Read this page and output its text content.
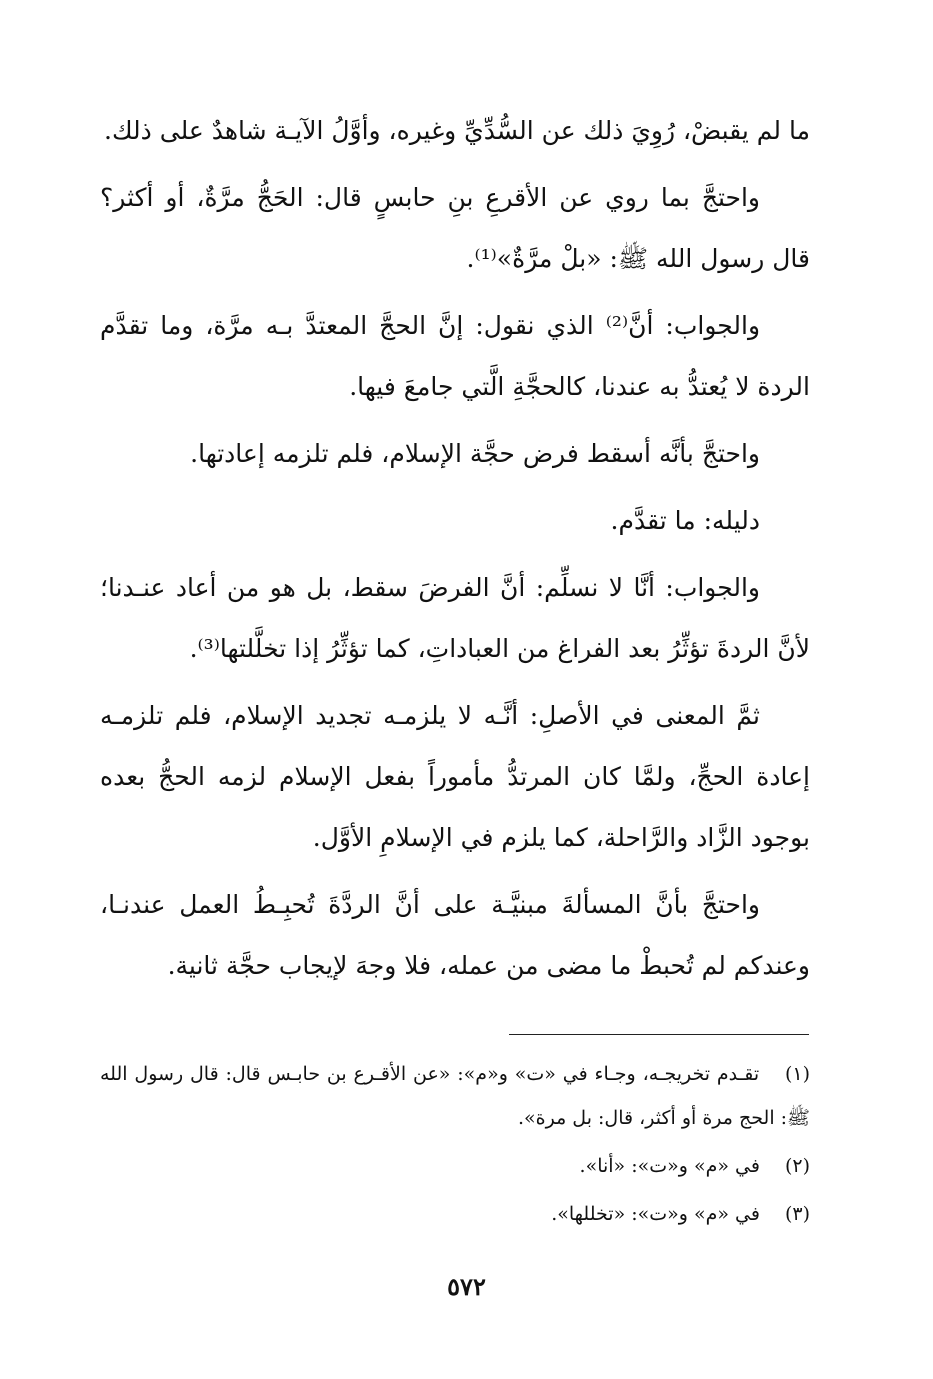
ما لم يقبضْ، رُوِيَ ذلك عن السُّدِّيِّ وغيره، وأوَّلُ الآيـة شاهدٌ على ذلك.

واحتجَّ بما روي عن الأقرعِ بنِ حابسٍ قال: الحَجُّ مرَّةٌ، أو أكثر؟ قال رسول الله ﷺ: «بلْ مرَّةٌ»⁽¹⁾.

والجواب: أنَّ⁽²⁾ الذي نقول: إنَّ الحجَّ المعتدَّ بـه مرَّة، وما تقدَّم الردة لا يُعتدُّ به عندنا، كالحجَّةِ الَّتي جامعَ فيها.

واحتجَّ بأنَّه أسقط فرض حجَّة الإسلام، فلم تلزمه إعادتها.

دليله: ما تقدَّم.

والجواب: أنَّا لا نسلِّم: أنَّ الفرضَ سقط، بل هو من أعاد عنـدنا؛ لأنَّ الردةَ تؤثِّرُ بعد الفراغ من العباداتِ، كما تؤثِّرُ إذا تخلَّلتها⁽³⁾.

ثمَّ المعنى في الأصلِ: أنَّـه لا يلزمـه تجديد الإسلام، فلم تلزمـه إعادة الحجِّ، ولمَّا كان المرتدُّ مأموراً بفعل الإسلام لزمه الحجُّ بعده بوجود الزَّاد والرَّاحلة، كما يلزم في الإسلامِ الأوَّل.

واحتجَّ بأنَّ المسألةَ مبنيَّـة على أنَّ الردَّةَ تُحبِـطُ العمل عندنـا، وعندكم لم تُحبطْ ما مضى من عمله، فلا وجهَ لإيجاب حجَّة ثانية.

(١) تقـدم تخريجـه، وجـاء في «ت» و«م»: «عن الأقـرع بن حابـس قال: قال رسول الله ﷺ: الحج مرة أو أكثر، قال: بل مرة».

(٢) في «م» و«ت»: «أنا».

(٣) في «م» و«ت»: «تخللها».

٥٧٢
